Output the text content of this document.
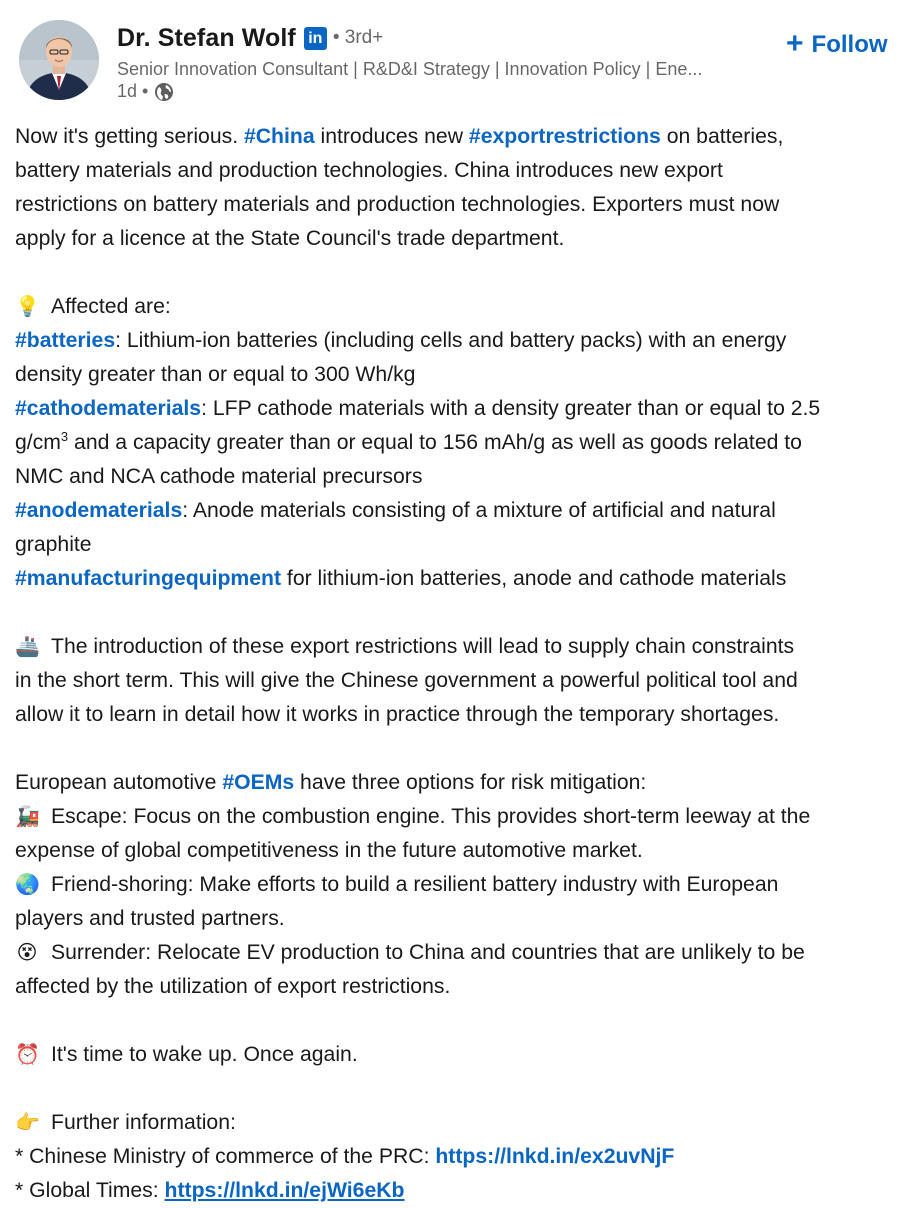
Dr. Stefan Wolf in • 3rd+
Senior Innovation Consultant | R&D&I Strategy | Innovation Policy | Ene...
1d •
+ Follow
Now it's getting serious. #China introduces new #exportrestrictions on batteries,
battery materials and production technologies. China introduces new export
restrictions on battery materials and production technologies. Exporters must now
apply for a licence at the State Council's trade department.
💡 Affected are:
#batteries: Lithium-ion batteries (including cells and battery packs) with an energy
density greater than or equal to 300 Wh/kg
#cathodematerials: LFP cathode materials with a density greater than or equal to 2.5
$g/cm^3$ and a capacity greater than or equal to 156 mAh/g as well as goods related to
NMC and NCA cathode material precursors
#anodematerials: Anode materials consisting of a mixture of artificial and natural
graphite
#manufacturingequipment for lithium-ion batteries, anode and cathode materials
🚢 The introduction of these export restrictions will lead to supply chain constraints
in the short term. This will give the Chinese government a powerful political tool and
allow it to learn in detail how it works in practice through the temporary shortages.
European automotive #OEMs have three options for risk mitigation:
🚂 Escape: Focus on the combustion engine. This provides short-term leeway at the
expense of global competitiveness in the future automotive market.
🌏 Friend-shoring: Make efforts to build a resilient battery industry with European
players and trusted partners.
😵 Surrender: Relocate EV production to China and countries that are unlikely to be
affected by the utilization of export restrictions.
⏰ It's time to wake up. Once again.
👉 Further information:
* Chinese Ministry of commerce of the PRC: https://lnkd.in/ex2uvNjF
* Global Times: https://lnkd.in/ejWi6eKb
